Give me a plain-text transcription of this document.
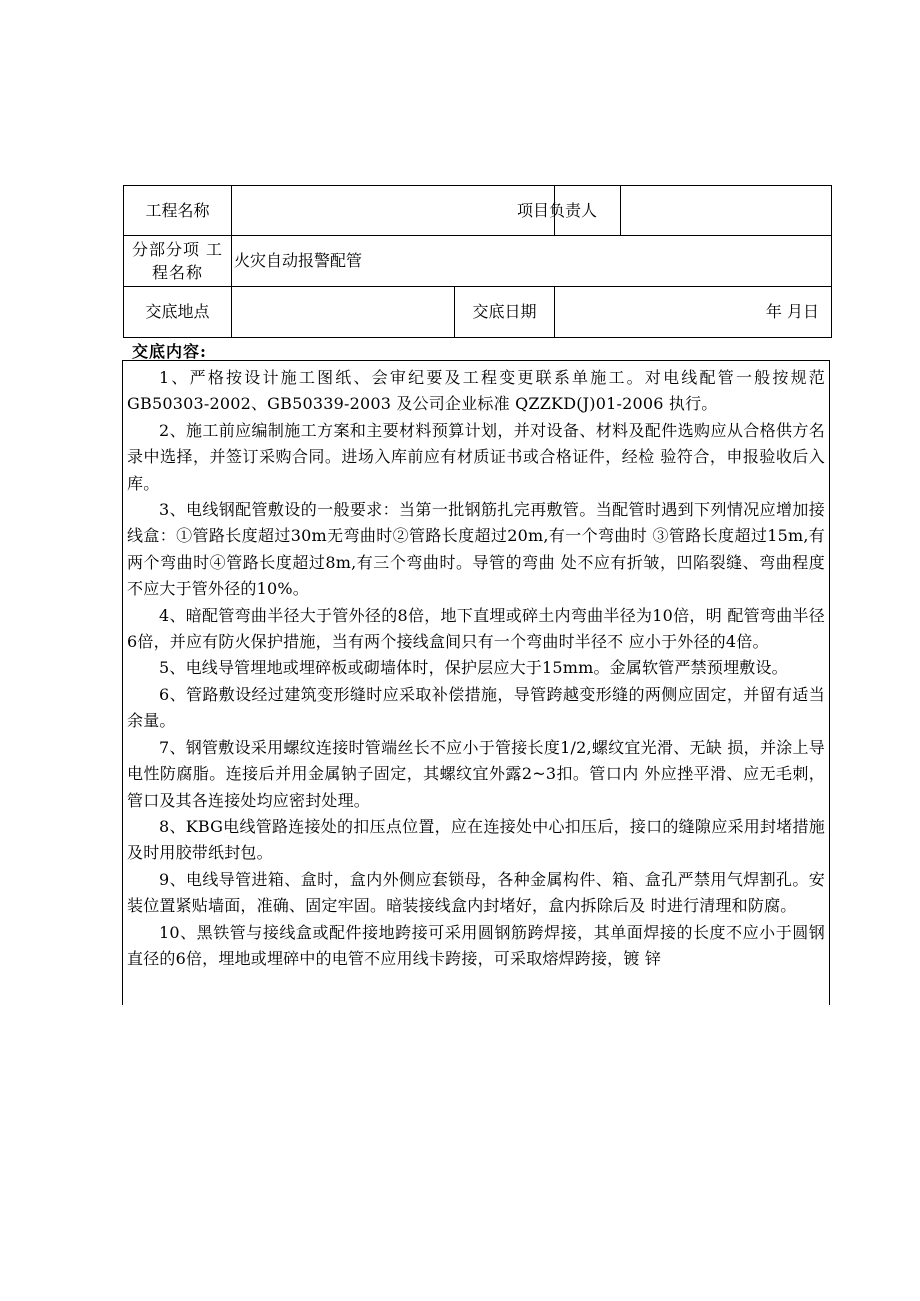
工程名称			项目负责人	

分部分项 工程名称	火灾自动报警配管			
交底地点		交底日期	年 月日	
交底内容:

1、严格按设计施工图纸、会审纪要及工程变更联系单施工。对电线配管一般按规范 GB50303-2002、GB50339-2003 及公司企业标准 QZZKD(J)01-2006 执行。

2、施工前应编制施工方案和主要材料预算计划，并对设备、材料及配件选购应从合格供方名录中选择，并签订采购合同。进场入库前应有材质证书或合格证件，经检 验符合，申报验收后入库。

3、电线钢配管敷设的一般要求：当第一批钢筋扎完再敷管。当配管时遇到下列情况应增加接线盒：①管路长度超过30m无弯曲时②管路长度超过20m,有一个弯曲时 ③管路长度超过15m,有两个弯曲时④管路长度超过8m,有三个弯曲时。导管的弯曲 处不应有折皱，凹陷裂缝、弯曲程度不应大于管外径的10%。

4、暗配管弯曲半径大于管外径的8倍，地下直埋或碎土内弯曲半径为10倍，明 配管弯曲半径6倍，并应有防火保护措施，当有两个接线盒间只有一个弯曲时半径不 应小于外径的4倍。

5、电线导管埋地或埋碎板或砌墙体时，保护层应大于15mm。金属软管严禁预埋敷设。

6、管路敷设经过建筑变形缝时应采取补偿措施，导管跨越变形缝的两侧应固定，并留有适当余量。

7、钢管敷设采用螺纹连接时管端丝长不应小于管接长度1/2,螺纹宜光滑、无缺 损，并涂上导电性防腐脂。连接后并用金属钠子固定，其螺纹宜外露2~3扣。管口内 外应挫平滑、应无毛刺，管口及其各连接处均应密封处理。

8、KBG电线管路连接处的扣压点位置，应在连接处中心扣压后，接口的缝隙应采用封堵措施及时用胶带纸封包。

9、电线导管进箱、盒时，盒内外侧应套锁母，各种金属构件、箱、盒孔严禁用气焊割孔。安装位置紧贴墙面，准确、固定牢固。暗装接线盒内封堵好，盒内拆除后及 时进行清理和防腐。

10、黑铁管与接线盒或配件接地跨接可采用圆钢筋跨焊接，其单面焊接的长度不应小于圆钢直径的6倍，埋地或埋碎中的电管不应用线卡跨接，可采取熔焊跨接，镀 锌
